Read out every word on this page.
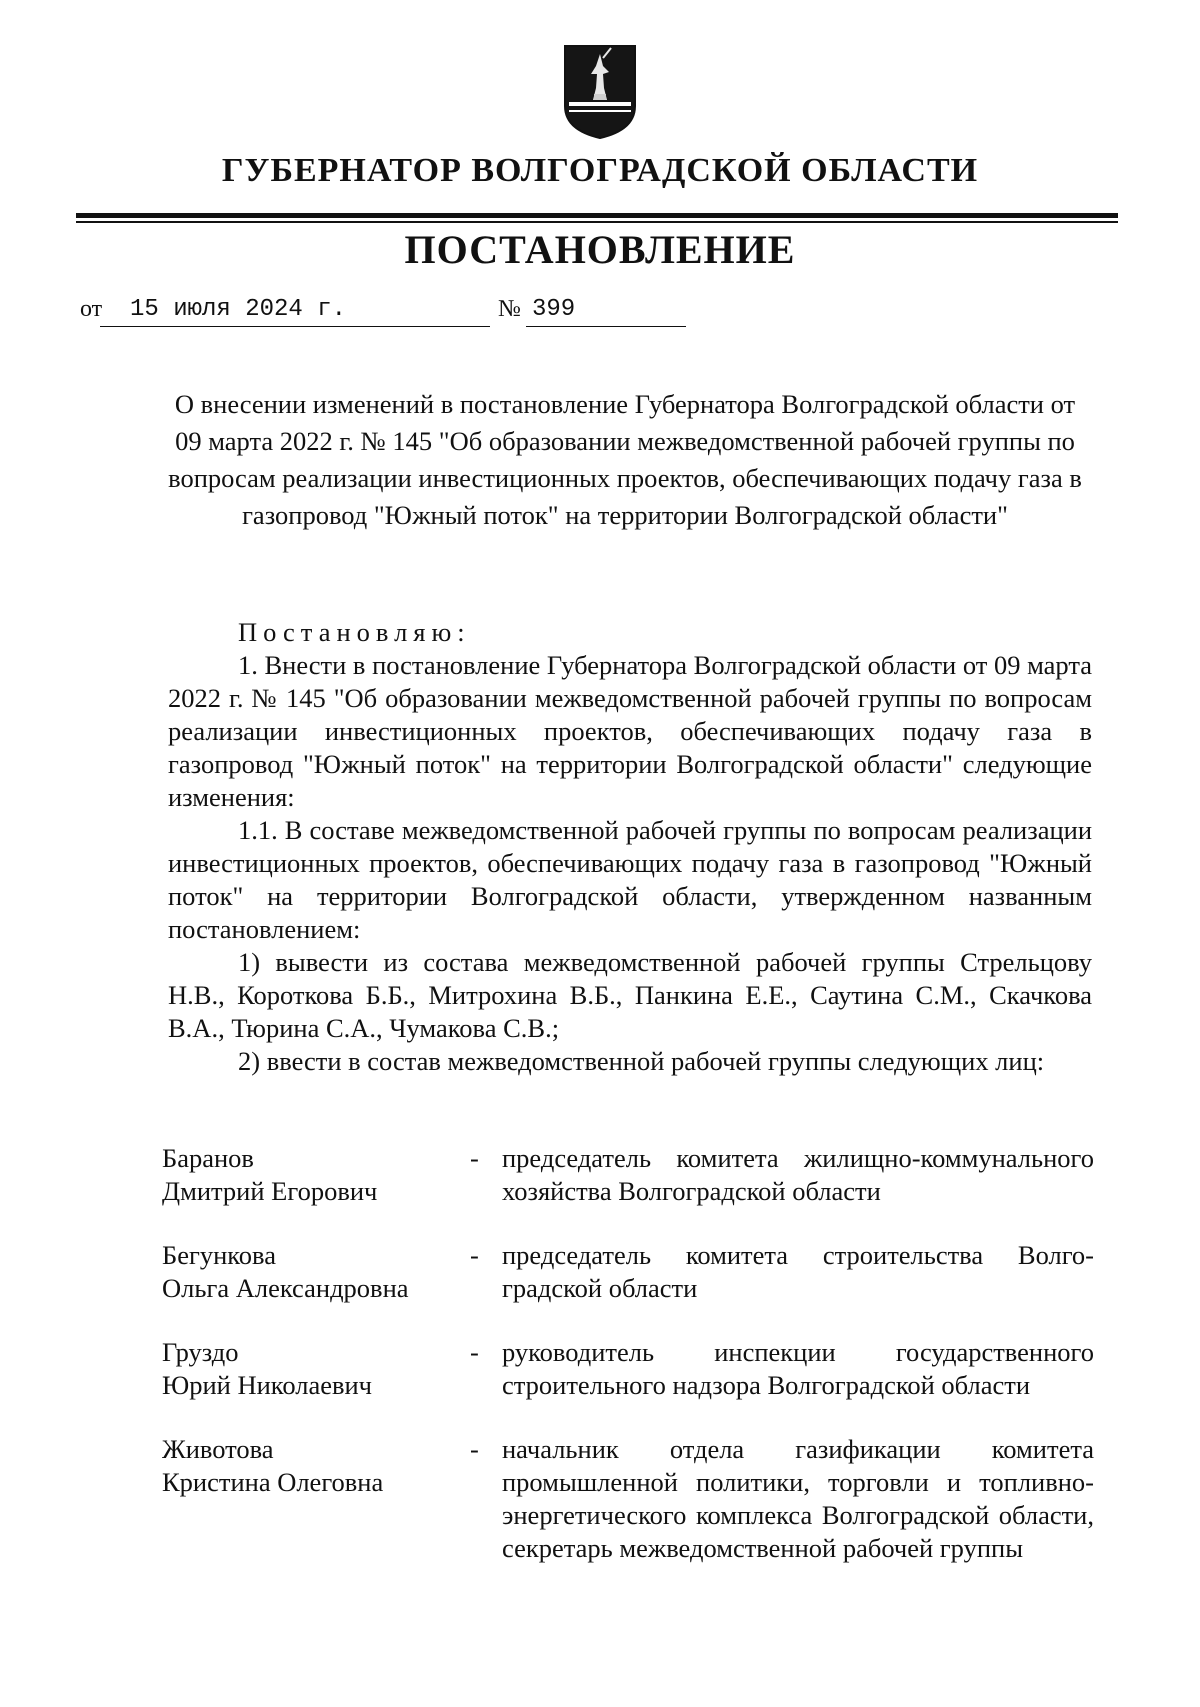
ГУБЕРНАТОР ВОЛГОГРАДСКОЙ ОБЛАСТИ
ПОСТАНОВЛЕНИЕ
от 15 июля 2024 г.	№ 399
О внесении изменений в постановление Губернатора Волгоградской области от 09 марта 2022 г. № 145 "Об образовании межведомственной рабочей группы по вопросам реализации инвестиционных проектов, обеспечивающих подачу газа в газопровод "Южный поток" на территории Волгоградской области"

Постановляю:

1. Внести в постановление Губернатора Волгоградской области от 09 марта 2022 г. № 145 "Об образовании межведомственной рабочей группы по вопросам реализации инвестиционных проектов, обеспечивающих подачу газа в газопровод "Южный поток" на территории Волгоградской области" следующие изменения:

1.1. В составе межведомственной рабочей группы по вопросам реализации инвестиционных проектов, обеспечивающих подачу газа в газопровод "Южный поток" на территории Волгоградской области, утвержденном названным постановлением:

1) вывести из состава межведомственной рабочей группы Стрельцову Н.В., Короткова Б.Б., Митрохина В.Б., Панкина Е.Е., Саутина С.М., Скачкова В.А., Тюрина С.А., Чумакова С.В.;

2) ввести в состав межведомственной рабочей группы следующих лиц:

Баранов
Дмитрий Егорович
- председатель комитета жилищно-коммунального хозяйства Волгоградской области
Бегункова
Ольга Александровна
- председатель комитета строительства Волгоградской области
Груздо
Юрий Николаевич
- руководитель инспекции государственного строительного надзора Волгоградской области
Животова
Кристина Олеговна
- начальник отдела газификации комитета промышленной политики, торговли и топливно-энергетического комплекса Волгоградской области, секретарь межведомственной рабочей группы
